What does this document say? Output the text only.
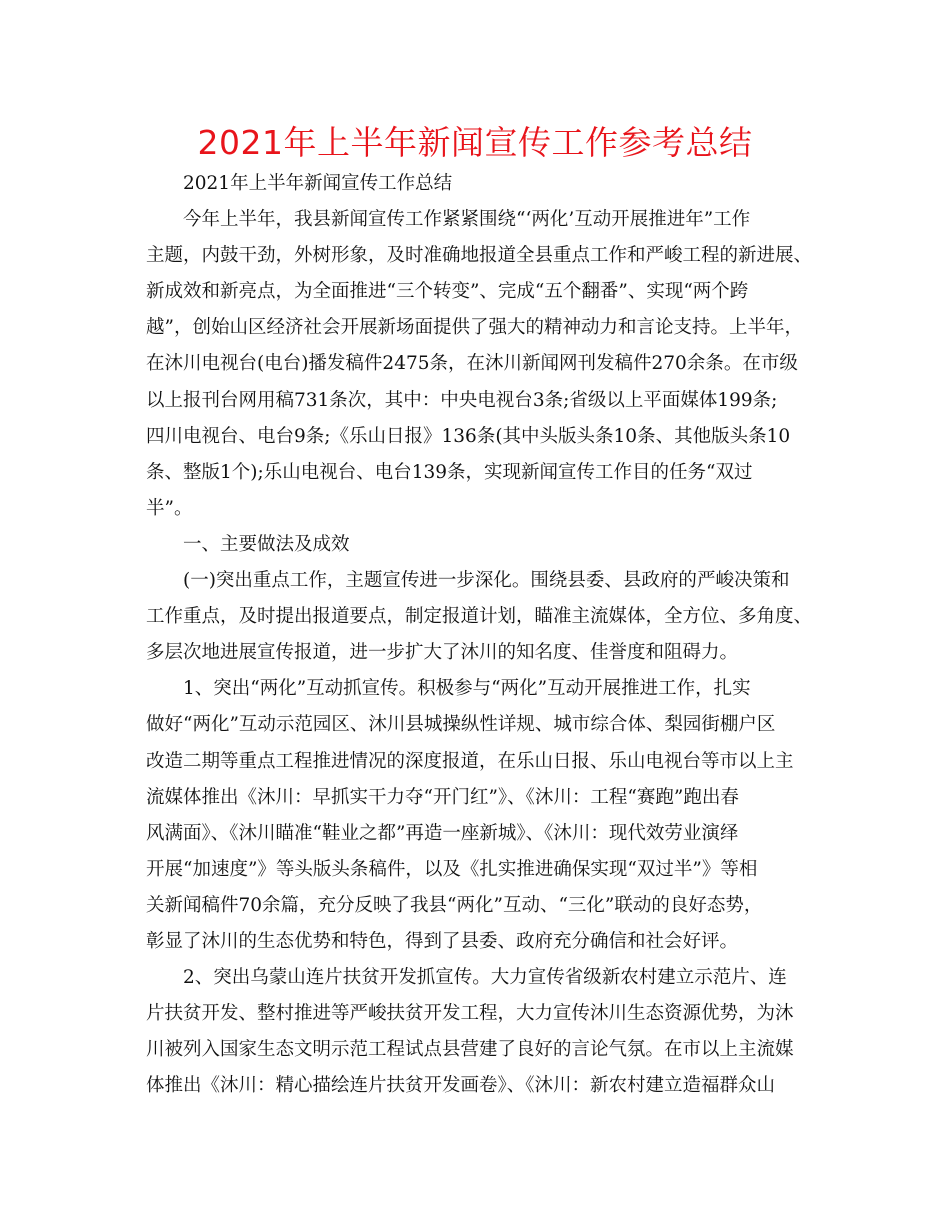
2021年上半年新闻宣传工作参考总结
2021年上半年新闻宣传工作总结
今年上半年，我县新闻宣传工作紧紧围绕“‘两化’互动开展推进年”工作
主题，内鼓干劲，外树形象，及时准确地报道全县重点工作和严峻工程的新进展、
新成效和新亮点，为全面推进“三个转变”、完成“五个翻番”、实现“两个跨
越”，创始山区经济社会开展新场面提供了强大的精神动力和言论支持。上半年，
在沐川电视台(电台)播发稿件2475条，在沐川新闻网刊发稿件270余条。在市级
以上报刊台网用稿731条次，其中：中央电视台3条;省级以上平面媒体199条;
四川电视台、电台9条;《乐山日报》136条(其中头版头条10条、其他版头条10
条、整版1个);乐山电视台、电台139条，实现新闻宣传工作目的任务“双过
半”。
一、主要做法及成效
(一)突出重点工作，主题宣传进一步深化。围绕县委、县政府的严峻决策和
工作重点，及时提出报道要点，制定报道计划，瞄准主流媒体，全方位、多角度、
多层次地进展宣传报道，进一步扩大了沐川的知名度、佳誉度和阻碍力。
1、突出“两化”互动抓宣传。积极参与“两化”互动开展推进工作，扎实
做好“两化”互动示范园区、沐川县城操纵性详规、城市综合体、梨园街棚户区
改造二期等重点工程推进情况的深度报道，在乐山日报、乐山电视台等市以上主
流媒体推出《沐川：早抓实干力夺“开门红”》、《沐川：工程“赛跑”跑出春
风满面》、《沐川瞄准“鞋业之都”再造一座新城》、《沐川：现代效劳业演绎
开展“加速度”》等头版头条稿件，以及《扎实推进确保实现“双过半”》等相
关新闻稿件70余篇，充分反映了我县“两化”互动、“三化”联动的良好态势，
彰显了沐川的生态优势和特色，得到了县委、政府充分确信和社会好评。
2、突出乌蒙山连片扶贫开发抓宣传。大力宣传省级新农村建立示范片、连
片扶贫开发、整村推进等严峻扶贫开发工程，大力宣传沐川生态资源优势，为沐
川被列入国家生态文明示范工程试点县营建了良好的言论气氛。在市以上主流媒
体推出《沐川：精心描绘连片扶贫开发画卷》、《沐川：新农村建立造福群众山
